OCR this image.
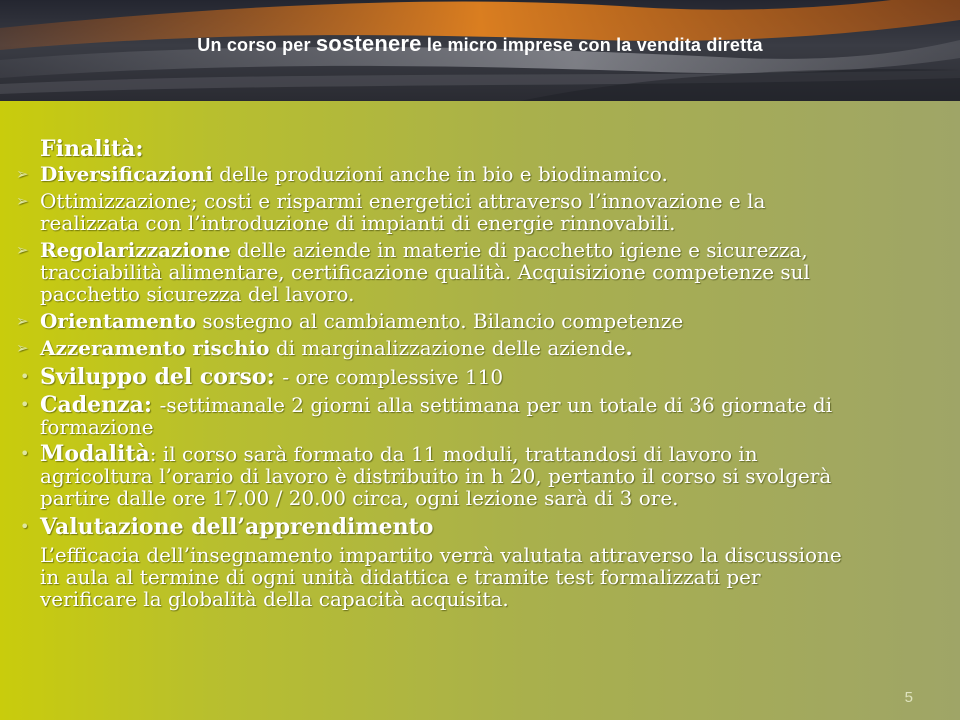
Un corso per sostenere le micro imprese con la vendita diretta
Finalità:
➢ Diversificazioni delle produzioni anche in bio e biodinamico.
➢ Ottimizzazione; costi e risparmi energetici attraverso l’innovazione e la
realizzata con l’introduzione di impianti di energie rinnovabili.
➢ Regolarizzazione delle aziende in materie di pacchetto igiene e sicurezza,
tracciabilità alimentare, certificazione qualità. Acquisizione competenze sul
pacchetto sicurezza del lavoro.
➢ Orientamento sostegno al cambiamento. Bilancio competenze
➢ Azzeramento rischio di marginalizzazione delle aziende.
• Sviluppo del corso: - ore complessive 110
• Cadenza: -settimanale 2 giorni alla settimana per un totale di 36 giornate di
formazione
• Modalità: il corso sarà formato da 11 moduli, trattandosi di lavoro in
agricoltura l’orario di lavoro è distribuito in h 20, pertanto il corso si svolgerà
partire dalle ore 17.00 / 20.00 circa, ogni lezione sarà di 3 ore.
• Valutazione dell’apprendimento
L’efficacia dell’insegnamento impartito verrà valutata attraverso la discussione
in aula al termine di ogni unità didattica e tramite test formalizzati per
verificare la globalità della capacità acquisita.
5
